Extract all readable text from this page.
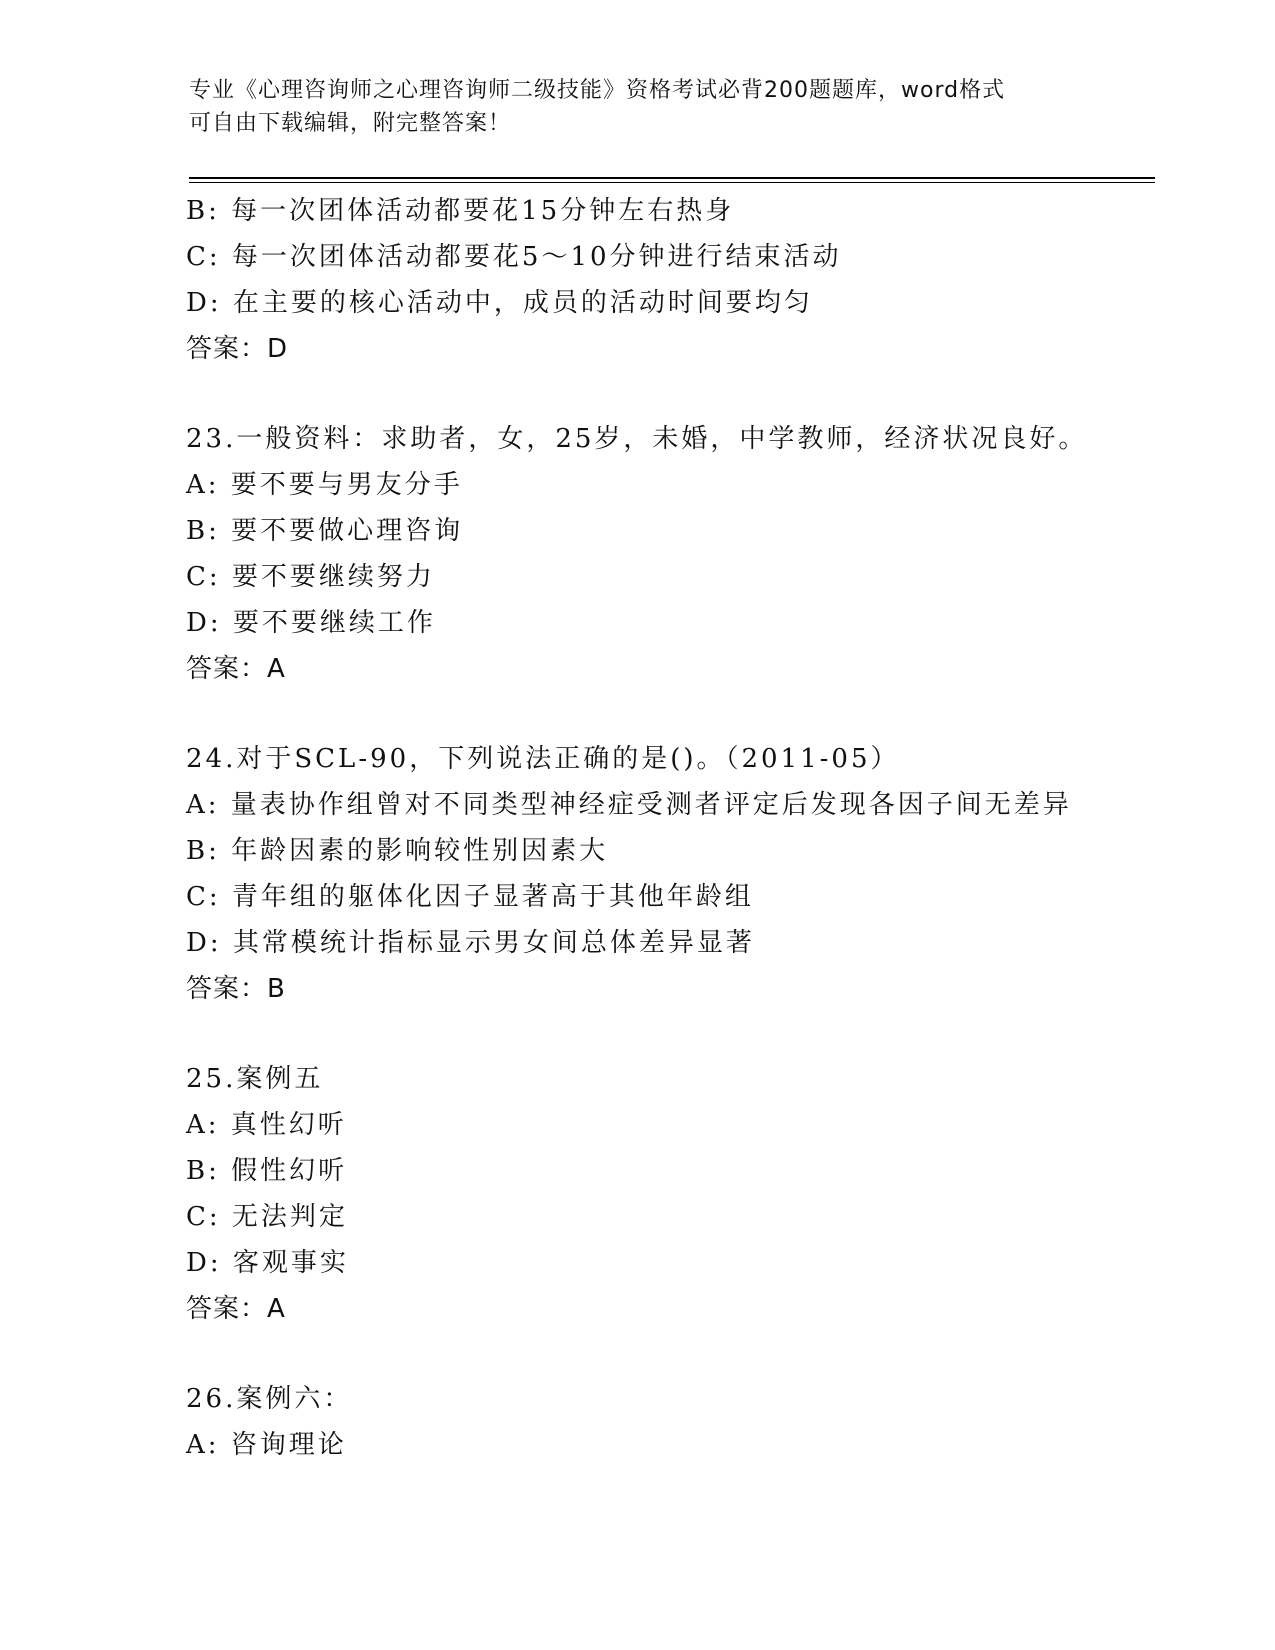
专业《心理咨询师之心理咨询师二级技能》资格考试必背200题题库，word格式
可自由下载编辑，附完整答案！
B: 每一次团体活动都要花15分钟左右热身
C: 每一次团体活动都要花5～10分钟进行结束活动
D: 在主要的核心活动中，成员的活动时间要均匀
答案：D
23.一般资料：求助者，女，25岁，未婚，中学教师，经济状况良好。
A: 要不要与男友分手
B: 要不要做心理咨询
C: 要不要继续努力
D: 要不要继续工作
答案：A
24.对于SCL-90，下列说法正确的是()。（2011-05）
A: 量表协作组曾对不同类型神经症受测者评定后发现各因子间无差异
B: 年龄因素的影响较性别因素大
C: 青年组的躯体化因子显著高于其他年龄组
D: 其常模统计指标显示男女间总体差异显著
答案：B
25.案例五
A: 真性幻听
B: 假性幻听
C: 无法判定
D: 客观事实
答案：A
26.案例六：
A: 咨询理论
